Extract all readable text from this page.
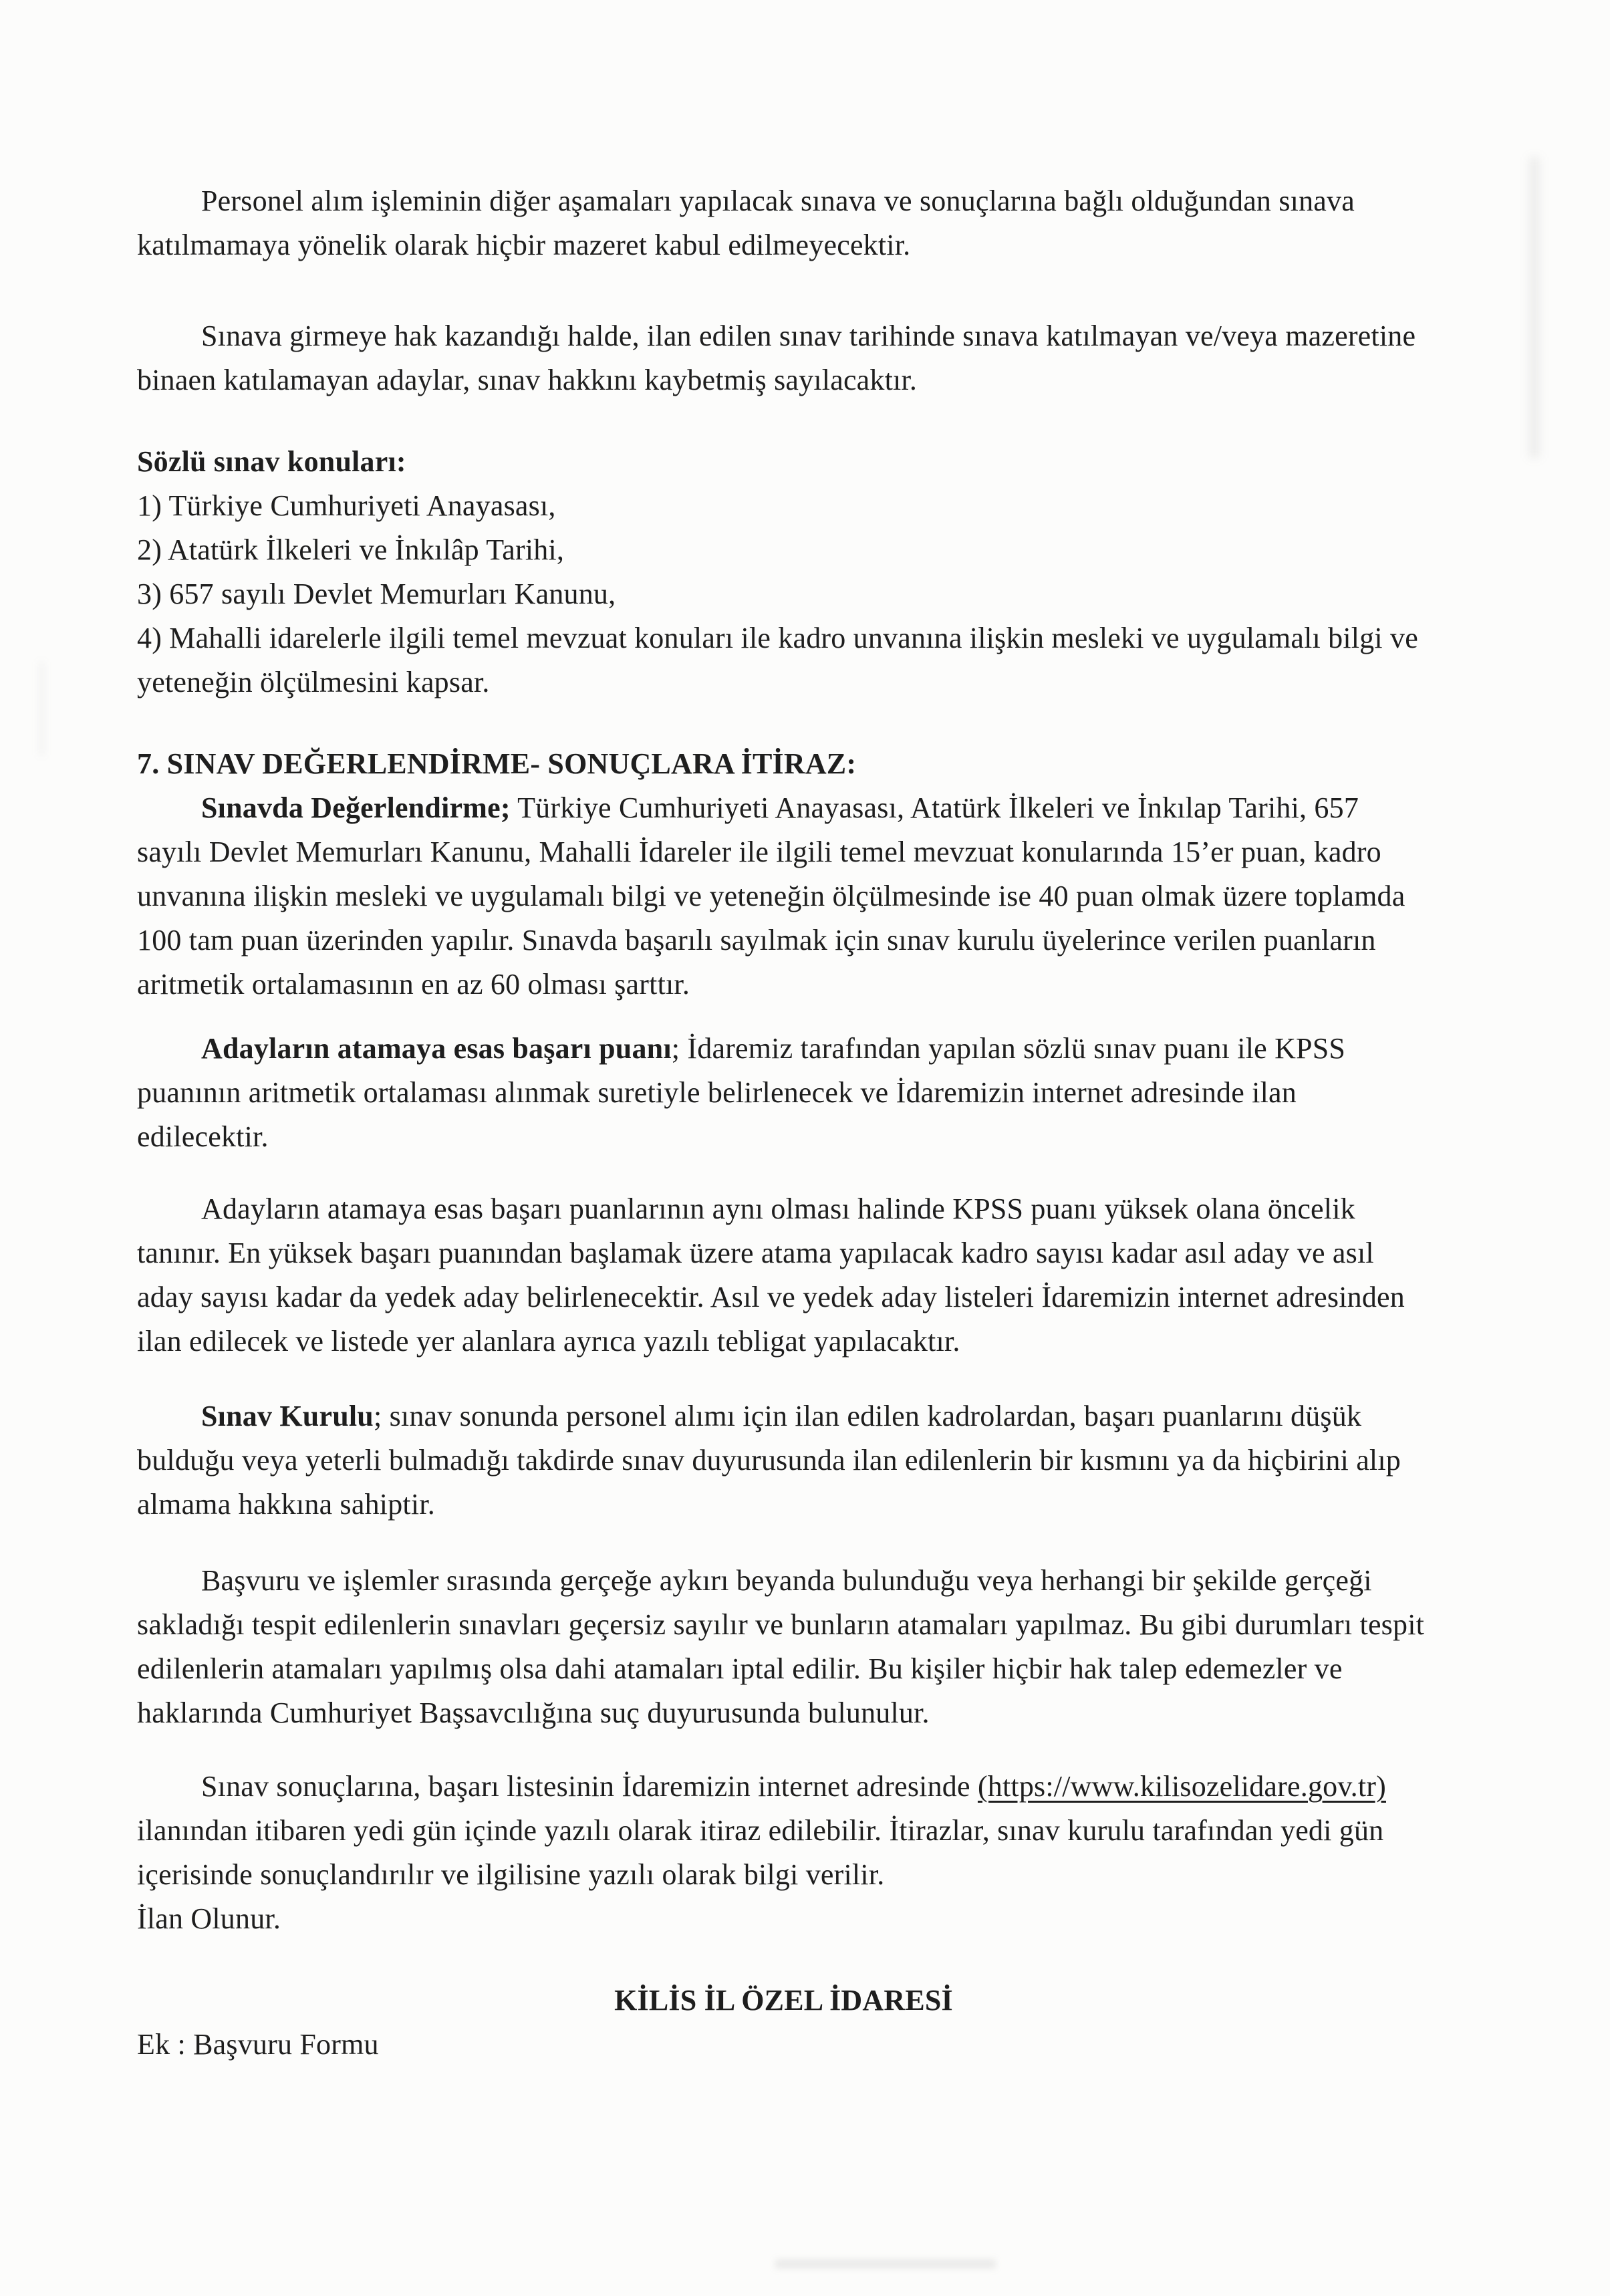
Personel alım işleminin diğer aşamaları yapılacak sınava ve sonuçlarına bağlı olduğundan sınava katılmamaya yönelik olarak hiçbir mazeret kabul edilmeyecektir.

Sınava girmeye hak kazandığı halde, ilan edilen sınav tarihinde sınava katılmayan ve/veya mazeretine binaen katılamayan adaylar, sınav hakkını kaybetmiş sayılacaktır.

Sözlü sınav konuları:

1) Türkiye Cumhuriyeti Anayasası,

2) Atatürk İlkeleri ve İnkılâp Tarihi,

3) 657 sayılı Devlet Memurları Kanunu,

4) Mahalli idarelerle ilgili temel mevzuat konuları ile kadro unvanına ilişkin mesleki ve uygulamalı bilgi ve yeteneğin ölçülmesini kapsar.

7. SINAV DEĞERLENDİRME- SONUÇLARA İTİRAZ:

Sınavda Değerlendirme; Türkiye Cumhuriyeti Anayasası, Atatürk İlkeleri ve İnkılap Tarihi, 657 sayılı Devlet Memurları Kanunu, Mahalli İdareler ile ilgili temel mevzuat konularında 15’er puan, kadro unvanına ilişkin mesleki ve uygulamalı bilgi ve yeteneğin ölçülmesinde ise 40 puan olmak üzere toplamda 100 tam puan üzerinden yapılır. Sınavda başarılı sayılmak için sınav kurulu üyelerince verilen puanların aritmetik ortalamasının en az 60 olması şarttır.

Adayların atamaya esas başarı puanı; İdaremiz tarafından yapılan sözlü sınav puanı ile KPSS puanının aritmetik ortalaması alınmak suretiyle belirlenecek ve İdaremizin internet adresinde ilan edilecektir.

Adayların atamaya esas başarı puanlarının aynı olması halinde KPSS puanı yüksek olana öncelik tanınır. En yüksek başarı puanından başlamak üzere atama yapılacak kadro sayısı kadar asıl aday ve asıl aday sayısı kadar da yedek aday belirlenecektir. Asıl ve yedek aday listeleri İdaremizin internet adresinden ilan edilecek ve listede yer alanlara ayrıca yazılı tebligat yapılacaktır.

Sınav Kurulu; sınav sonunda personel alımı için ilan edilen kadrolardan, başarı puanlarını düşük bulduğu veya yeterli bulmadığı takdirde sınav duyurusunda ilan edilenlerin bir kısmını ya da hiçbirini alıp almama hakkına sahiptir.

Başvuru ve işlemler sırasında gerçeğe aykırı beyanda bulunduğu veya herhangi bir şekilde gerçeği sakladığı tespit edilenlerin sınavları geçersiz sayılır ve bunların atamaları yapılmaz. Bu gibi durumları tespit edilenlerin atamaları yapılmış olsa dahi atamaları iptal edilir. Bu kişiler hiçbir hak talep edemezler ve haklarında Cumhuriyet Başsavcılığına suç duyurusunda bulunulur.

Sınav sonuçlarına, başarı listesinin İdaremizin internet adresinde (https://www.kilisozelidare.gov.tr) ilanından itibaren yedi gün içinde yazılı olarak itiraz edilebilir. İtirazlar, sınav kurulu tarafından yedi gün içerisinde sonuçlandırılır ve ilgilisine yazılı olarak bilgi verilir.

İlan Olunur.

KİLİS İL ÖZEL İDARESİ

Ek : Başvuru Formu
